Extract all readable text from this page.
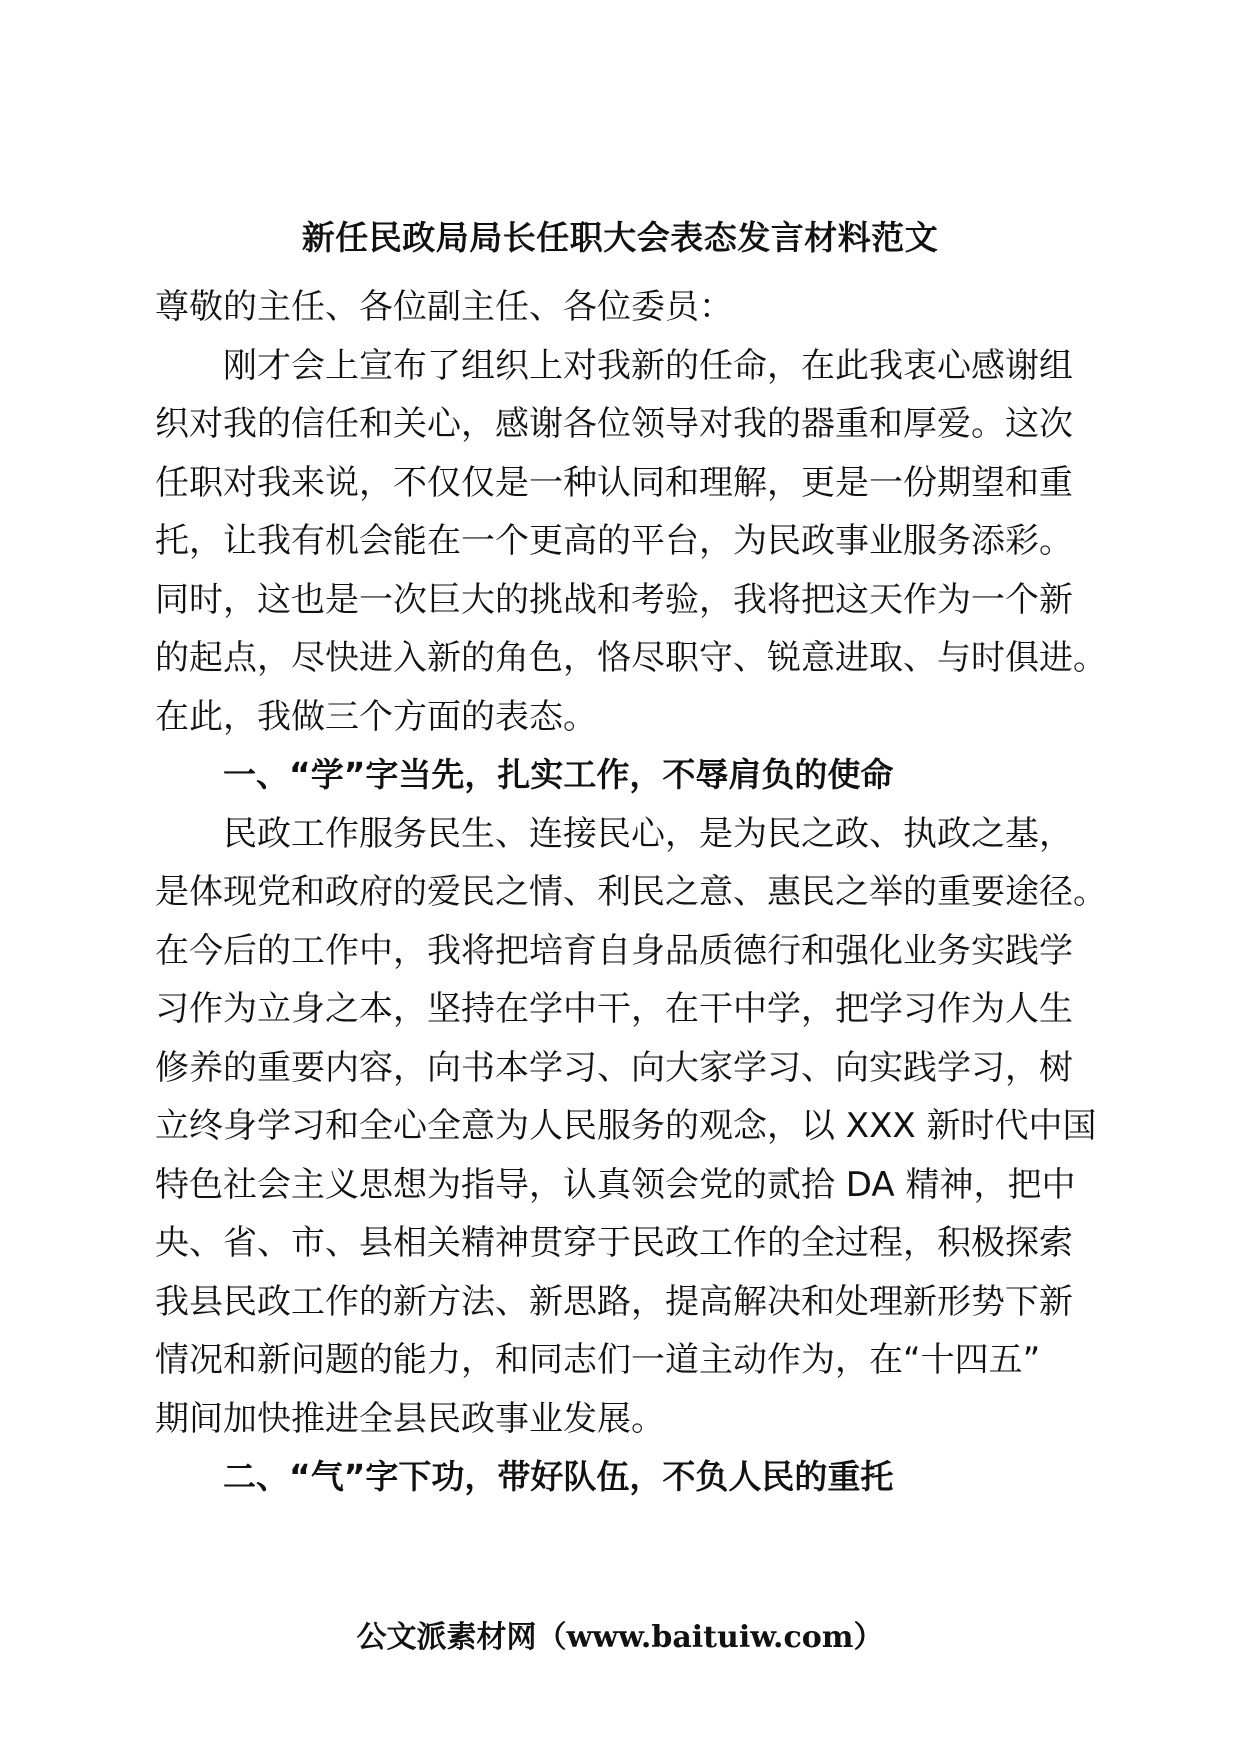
新任民政局局长任职大会表态发言材料范文
尊敬的主任、各位副主任、各位委员：
刚才会上宣布了组织上对我新的任命，在此我衷心感谢组
织对我的信任和关心，感谢各位领导对我的器重和厚爱。这次
任职对我来说，不仅仅是一种认同和理解，更是一份期望和重
托，让我有机会能在一个更高的平台，为民政事业服务添彩。
同时，这也是一次巨大的挑战和考验，我将把这天作为一个新
的起点，尽快进入新的角色，恪尽职守、锐意进取、与时俱进。
在此，我做三个方面的表态。
一、“学”字当先，扎实工作，不辱肩负的使命
民政工作服务民生、连接民心，是为民之政、执政之基，
是体现党和政府的爱民之情、利民之意、惠民之举的重要途径。
在今后的工作中，我将把培育自身品质德行和强化业务实践学
习作为立身之本，坚持在学中干，在干中学，把学习作为人生
修养的重要内容，向书本学习、向大家学习、向实践学习，树
立终身学习和全心全意为人民服务的观念，以 XXX 新时代中国
特色社会主义思想为指导，认真领会党的贰拾 DA 精神，把中
央、省、市、县相关精神贯穿于民政工作的全过程，积极探索
我县民政工作的新方法、新思路，提高解决和处理新形势下新
情况和新问题的能力，和同志们一道主动作为，在“十四五”
期间加快推进全县民政事业发展。
二、“气”字下功，带好队伍，不负人民的重托
公文派素材网（www.baituiw.com）
